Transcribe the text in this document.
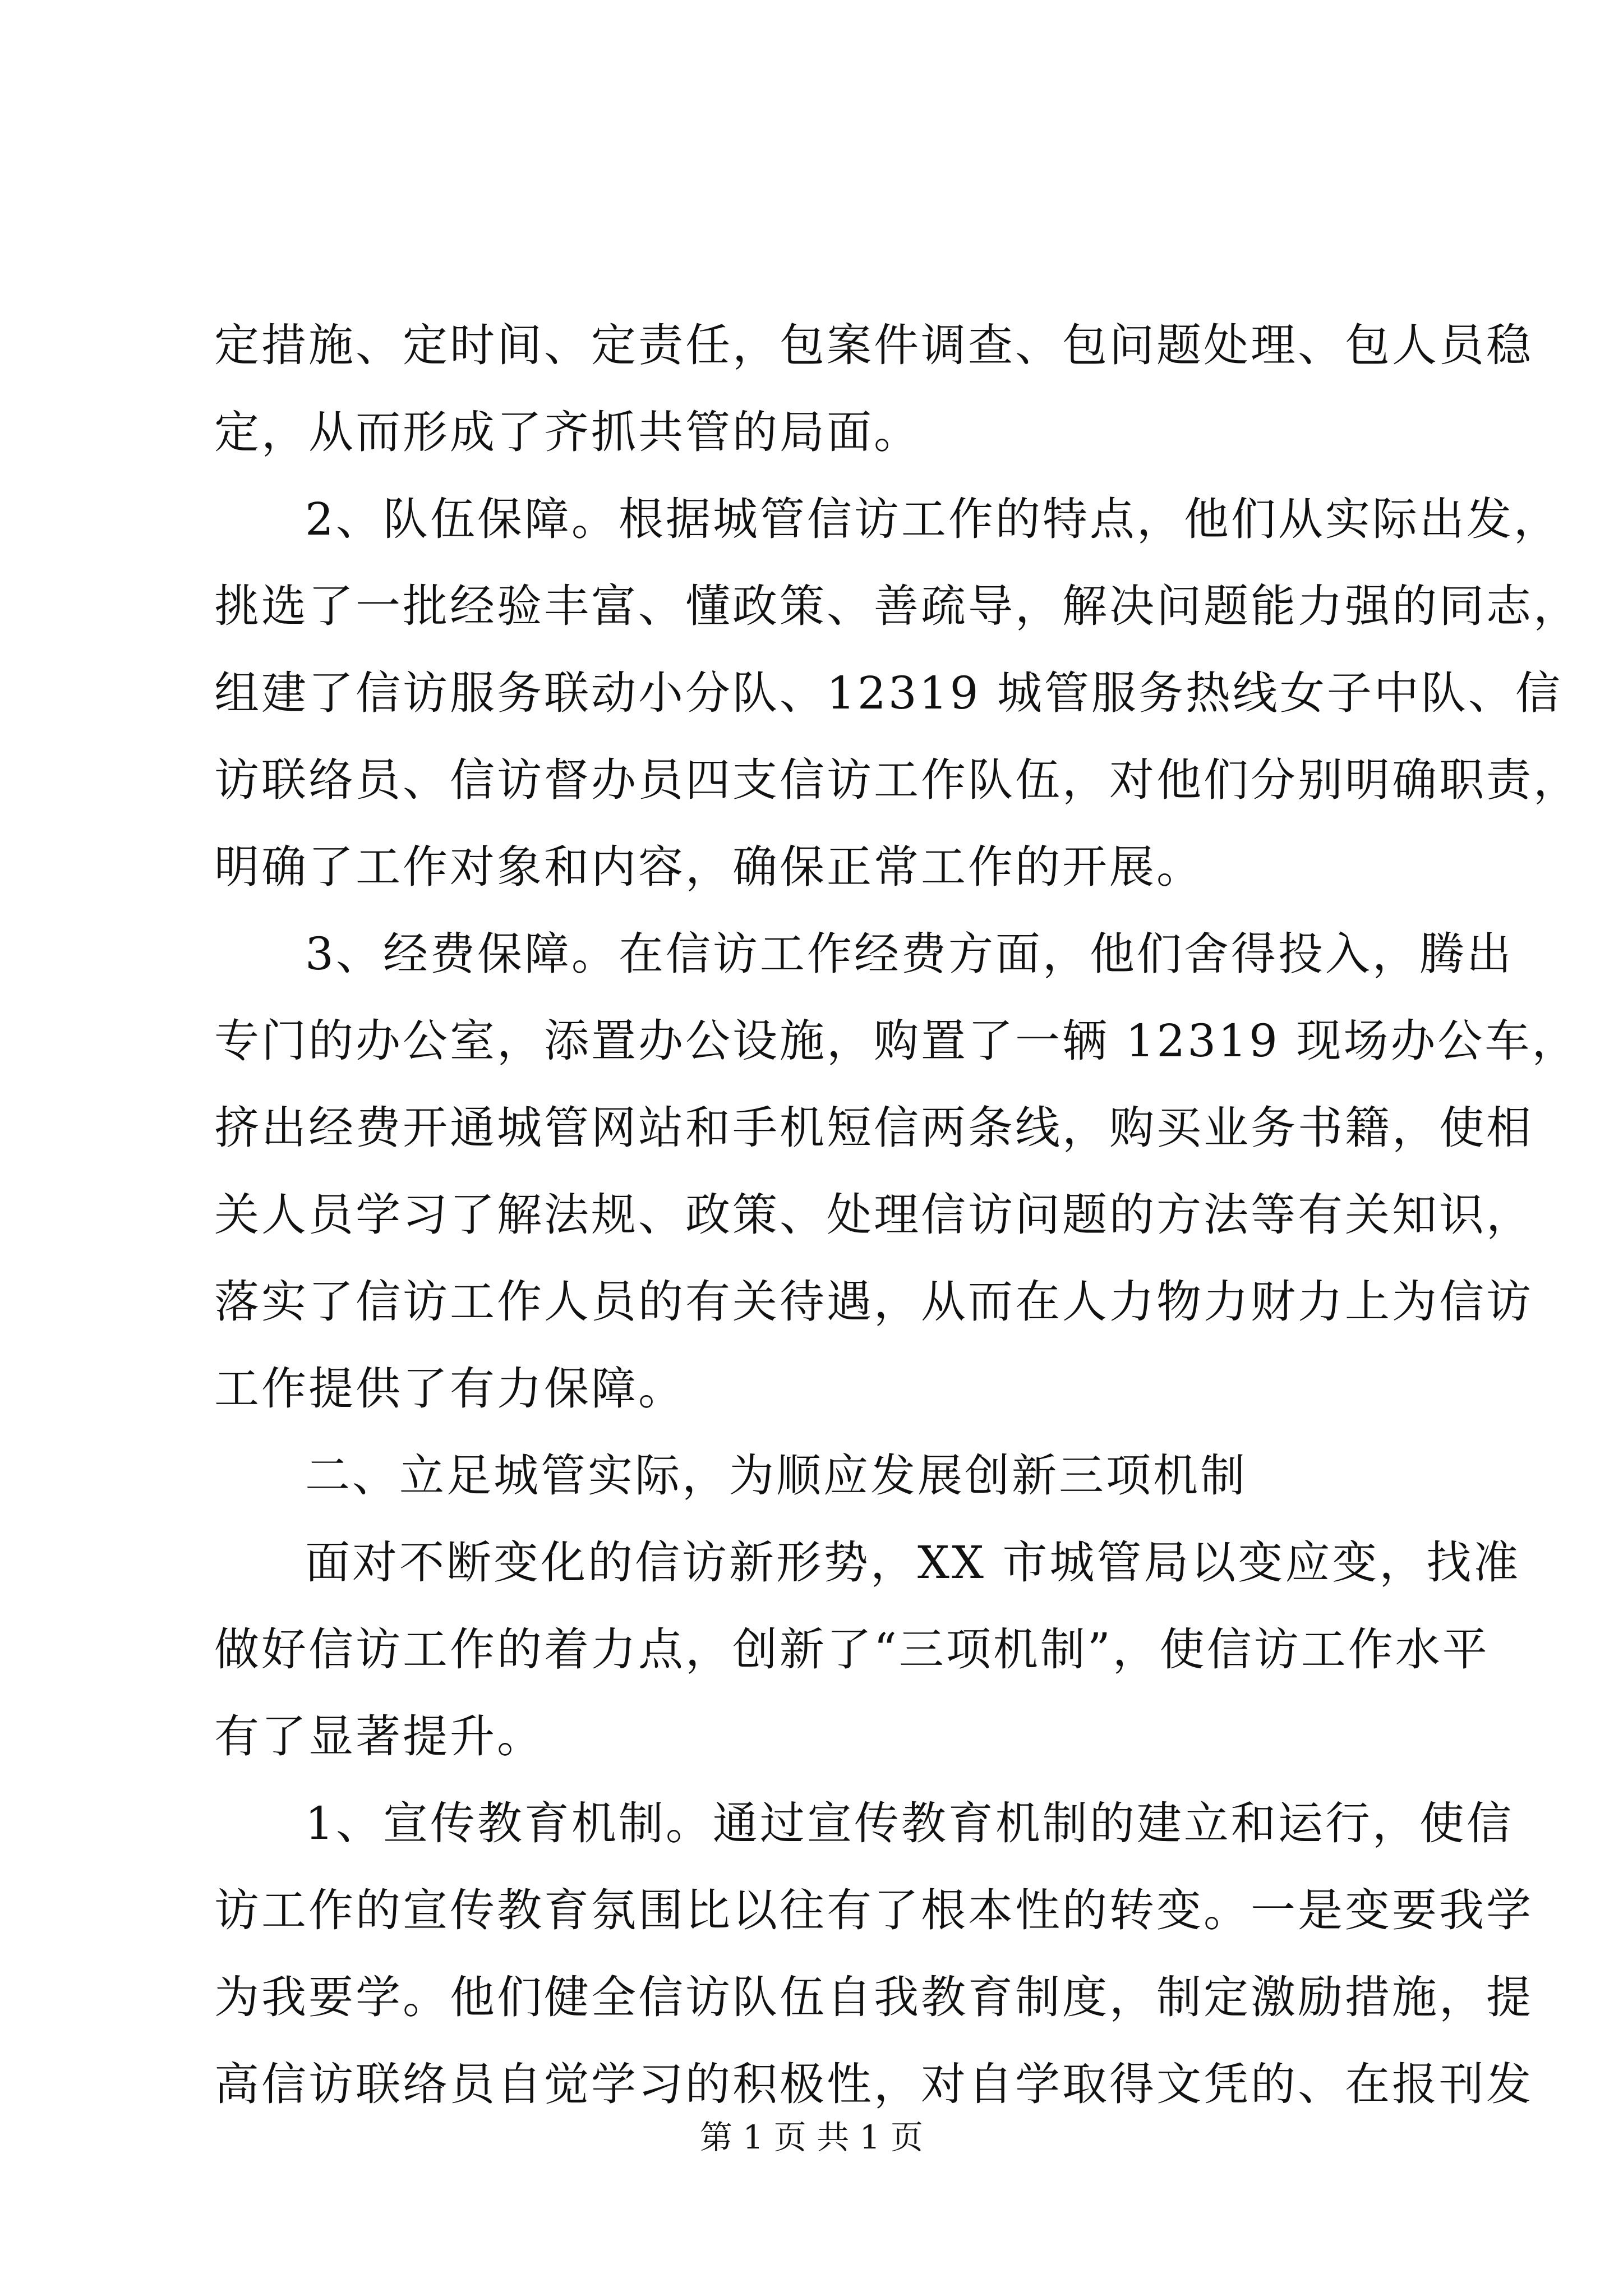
定措施、定时间、定责任，包案件调查、包问题处理、包人员稳
定，从而形成了齐抓共管的局面。
2、队伍保障。根据城管信访工作的特点，他们从实际出发，
挑选了一批经验丰富、懂政策、善疏导，解决问题能力强的同志，
组建了信访服务联动小分队、12319 城管服务热线女子中队、信
访联络员、信访督办员四支信访工作队伍，对他们分别明确职责，
明确了工作对象和内容，确保正常工作的开展。
3、经费保障。在信访工作经费方面，他们舍得投入，腾出
专门的办公室，添置办公设施，购置了一辆 12319 现场办公车，
挤出经费开通城管网站和手机短信两条线，购买业务书籍，使相
关人员学习了解法规、政策、处理信访问题的方法等有关知识，
落实了信访工作人员的有关待遇，从而在人力物力财力上为信访
工作提供了有力保障。
二、立足城管实际，为顺应发展创新三项机制
面对不断变化的信访新形势，XX 市城管局以变应变，找准
做好信访工作的着力点，创新了“三项机制”，使信访工作水平
有了显著提升。
1、宣传教育机制。通过宣传教育机制的建立和运行，使信
访工作的宣传教育氛围比以往有了根本性的转变。一是变要我学
为我要学。他们健全信访队伍自我教育制度，制定激励措施，提
高信访联络员自觉学习的积极性，对自学取得文凭的、在报刊发
第 1 页 共 1 页
